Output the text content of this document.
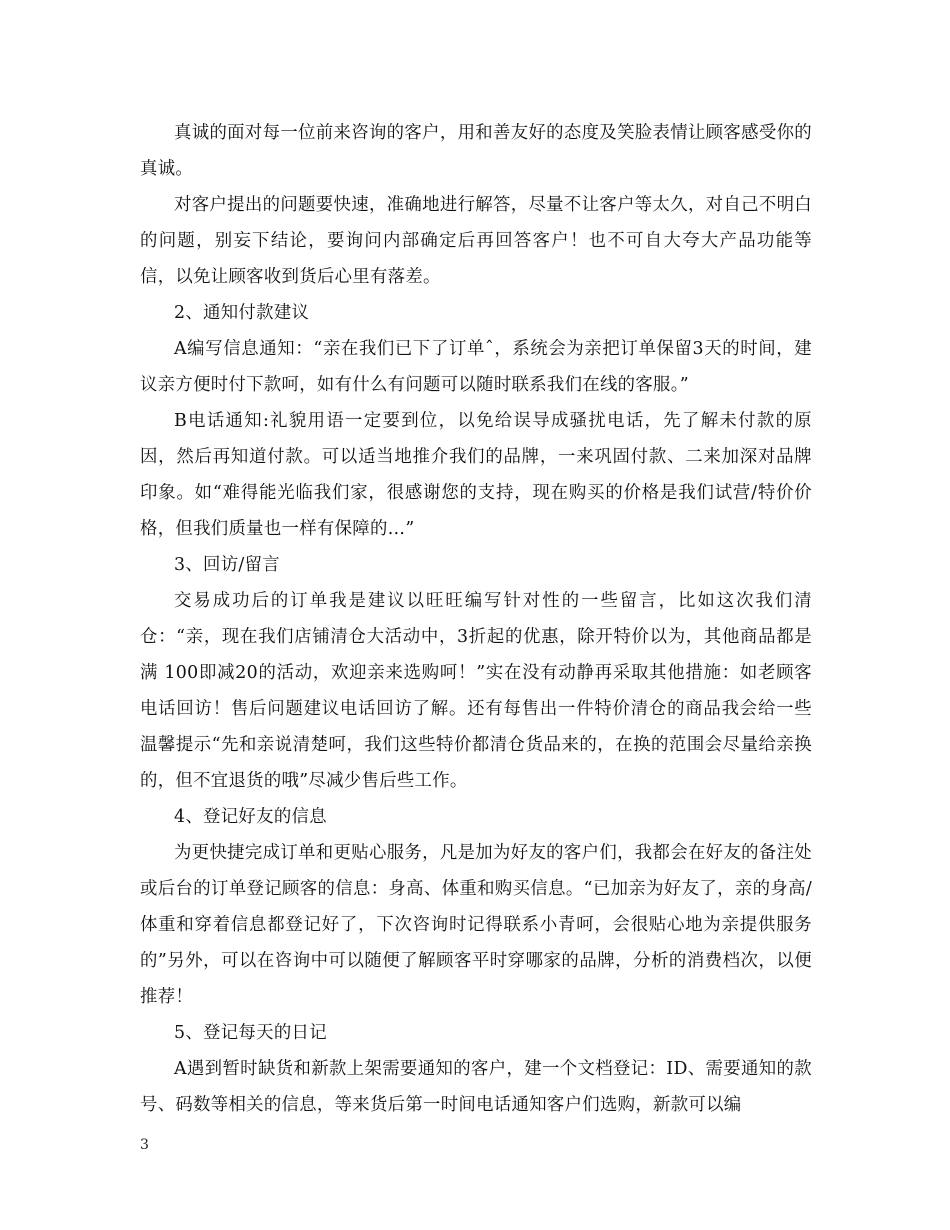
真诚的面对每一位前来咨询的客户，用和善友好的态度及笑脸表情让顾客感受你的真诚。

对客户提出的问题要快速，准确地进行解答，尽量不让客户等太久，对自己不明白的问题，别妄下结论，要询问内部确定后再回答客户！也不可自大夸大产品功能等信，以免让顾客收到货后心里有落差。

2、通知付款建议

A编写信息通知：“亲在我们已下了订单ˆ，系统会为亲把订单保留3天的时间，建议亲方便时付下款呵，如有什么有问题可以随时联系我们在线的客服。”

B电话通知:礼貌用语一定要到位，以免给误导成骚扰电话，先了解未付款的原因，然后再知道付款。可以适当地推介我们的品牌，一来巩固付款、二来加深对品牌印象。如“难得能光临我们家，很感谢您的支持，现在购买的价格是我们试营/特价价格，但我们质量也一样有保障的…”

3、回访/留言

交易成功后的订单我是建议以旺旺编写针对性的一些留言，比如这次我们清仓：“亲，现在我们店铺清仓大活动中，3折起的优惠，除开特价以为，其他商品都是满 100即减20的活动，欢迎亲来选购呵！”实在没有动静再采取其他措施：如老顾客电话回访！售后问题建议电话回访了解。还有每售出一件特价清仓的商品我会给一些温馨提示“先和亲说清楚呵，我们这些特价都清仓货品来的，在换的范围会尽量给亲换的，但不宜退货的哦”尽减少售后些工作。

4、登记好友的信息

为更快捷完成订单和更贴心服务，凡是加为好友的客户们，我都会在好友的备注处或后台的订单登记顾客的信息：身高、体重和购买信息。“已加亲为好友了，亲的身高/体重和穿着信息都登记好了，下次咨询时记得联系小青呵，会很贴心地为亲提供服务的”另外，可以在咨询中可以随便了解顾客平时穿哪家的品牌，分析的消费档次，以便推荐！

5、登记每天的日记

A遇到暂时缺货和新款上架需要通知的客户，建一个文档登记：ID、需要通知的款号、码数等相关的信息，等来货后第一时间电话通知客户们选购，新款可以编

3
